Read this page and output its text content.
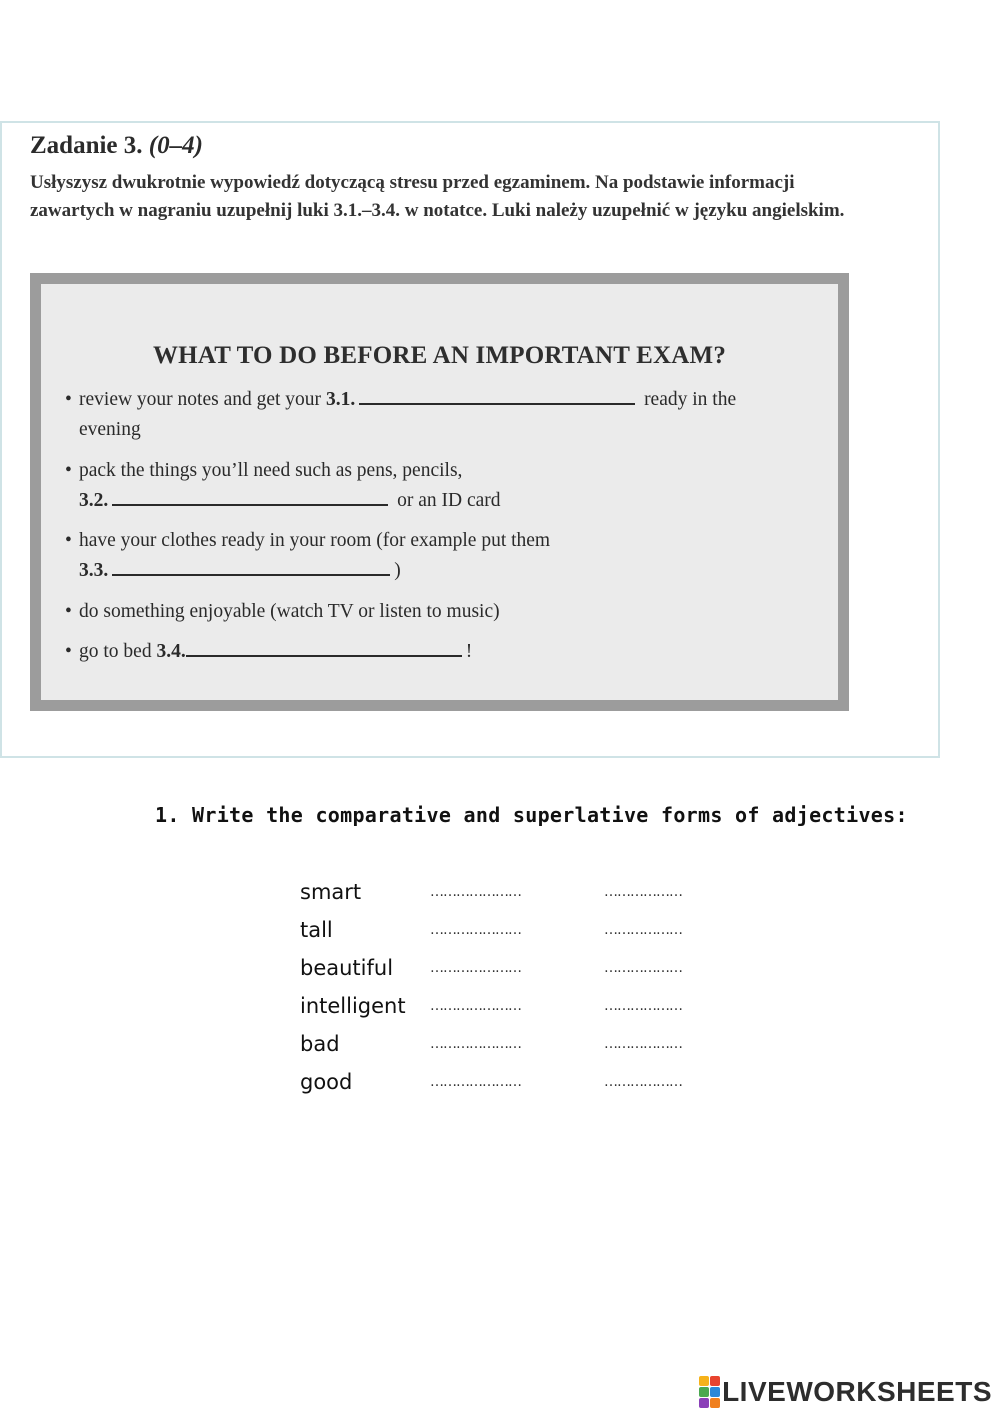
Zadanie 3. (0–4)

Usłyszysz dwukrotnie wypowiedź dotyczącą stresu przed egzaminem. Na podstawie informacji zawartych w nagraniu uzupełnij luki 3.1.–3.4. w notatce. Luki należy uzupełnić w języku angielskim.

WHAT TO DO BEFORE AN IMPORTANT EXAM?
• review your notes and get your 3.1.	ready in the
evening
• pack the things you’ll need such as pens, pencils,
3.2.	or an ID card
• have your clothes ready in your room (for example put them
3.3.	)
• do something enjoyable (watch TV or listen to music)
• go to bed 3.4.	!
1. Write the comparative and superlative forms of adjectives:
smart	…………………	………………
tall	…………………	………………
beautiful	…………………	………………
intelligent …………………	………………
bad	…………………	………………
good	…………………	………………
LIVEWORKSHEETS
